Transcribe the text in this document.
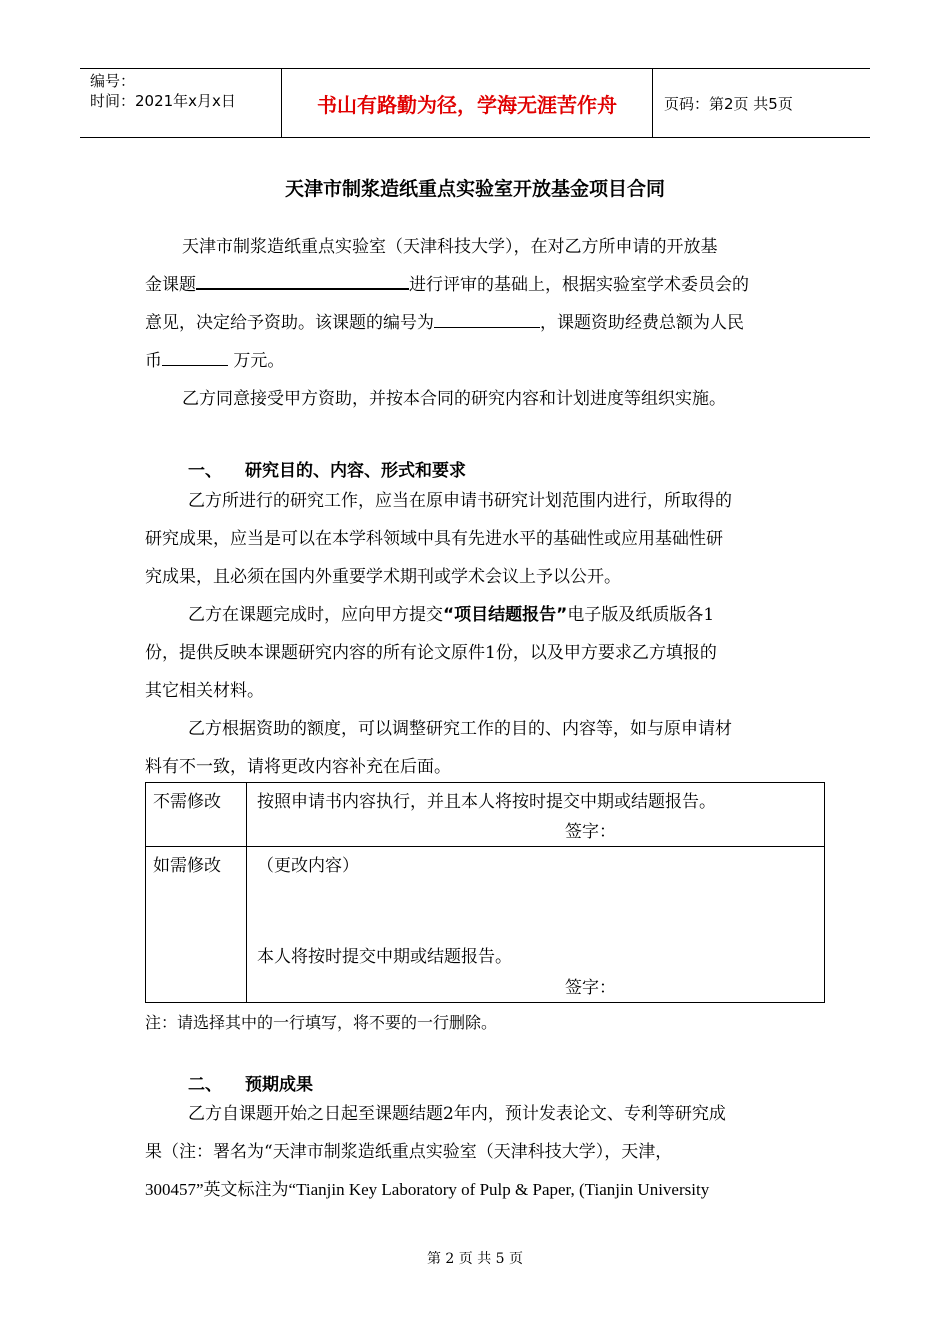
编号：
时间：2021年x月x日	书山有路勤为径，学海无涯苦作舟	页码：第2页 共5页
天津市制浆造纸重点实验室开放基金项目合同
天津市制浆造纸重点实验室（天津科技大学），在对乙方所申请的开放基
金课题	进行评审的基础上，根据实验室学术委员会的
意见，决定给予资助。该课题的编号为	，课题资助经费总额为人民
币	万元。
乙方同意接受甲方资助，并按本合同的研究内容和计划进度等组织实施。
一、 研究目的、内容、形式和要求
乙方所进行的研究工作，应当在原申请书研究计划范围内进行，所取得的
研究成果，应当是可以在本学科领域中具有先进水平的基础性或应用基础性研
究成果，且必须在国内外重要学术期刊或学术会议上予以公开。
乙方在课题完成时，应向甲方提交“项目结题报告”电子版及纸质版各1
份，提供反映本课题研究内容的所有论文原件1份，以及甲方要求乙方填报的
其它相关材料。
乙方根据资助的额度，可以调整研究工作的目的、内容等，如与原申请材
料有不一致，请将更改内容补充在后面。
不需修改	按照申请书内容执行，并且本人将按时提交中期或结题报告。
签字：

如需修改	（更改内容）
本人将按时提交中期或结题报告。
签字：
注：请选择其中的一行填写，将不要的一行删除。
二、 预期成果
乙方自课题开始之日起至课题结题2年内，预计发表论文、专利等研究成
果（注：署名为“天津市制浆造纸重点实验室（天津科技大学），天津，
300457”英文标注为“Tianjin Key Laboratory of Pulp & Paper, (Tianjin University
第 2 页 共 5 页
